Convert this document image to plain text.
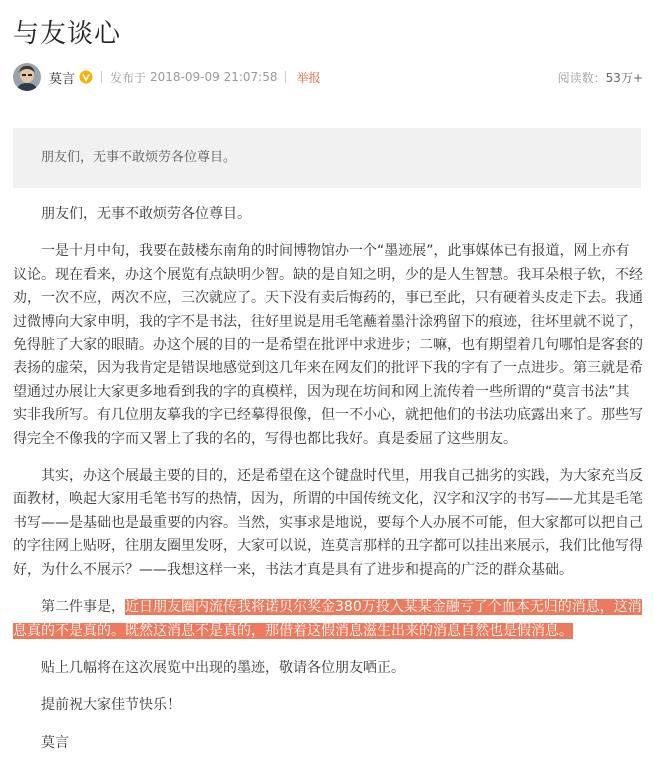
与友谈心
莫言	发布于 2018-09-09 21:07:58 举报	阅读数：53万+
朋友们，无事不敢烦劳各位尊目。

朋友们，无事不敢烦劳各位尊目。

一是十月中旬，我要在鼓楼东南角的时间博物馆办一个“墨迹展”，此事媒体已有报道，网上亦有议论。现在看来，办这个展览有点缺明少智。缺的是自知之明，少的是人生智慧。我耳朵根子软，不经劝，一次不应，两次不应，三次就应了。天下没有卖后悔药的，事已至此，只有硬着头皮走下去。我通过微博向大家申明，我的字不是书法，往好里说是用毛笔蘸着墨汁涂鸦留下的痕迹，往坏里就不说了，免得脏了大家的眼睛。办这个展的目的一是希望在批评中求进步；二嘛，也有期望着几句哪怕是客套的表扬的虚荣，因为我肯定是错误地感觉到这几年来在网友们的批评下我的字有了一点进步。第三就是希望通过办展让大家更多地看到我的字的真模样，因为现在坊间和网上流传着一些所谓的“莫言书法”其实非我所写。有几位朋友摹我的字已经摹得很像，但一不小心，就把他们的书法功底露出来了。那些写得完全不像我的字而又署上了我的名的，写得也都比我好。真是委屈了这些朋友。

其实，办这个展最主要的目的，还是希望在这个键盘时代里，用我自己拙劣的实践，为大家充当反面教材，唤起大家用毛笔书写的热情，因为，所谓的中国传统文化，汉字和汉字的书写——尤其是毛笔书写——是基础也是最重要的内容。当然，实事求是地说，要每个人办展不可能，但大家都可以把自己的字往网上贴呀，往朋友圈里发呀，大家可以说，连莫言那样的丑字都可以挂出来展示，我们比他写得好，为什么不展示？——我想这样一来，书法才真是具有了进步和提高的广泛的群众基础。

第二件事是，近日朋友圈内流传我将诺贝尔奖金380万投入某某金融亏了个血本无归的消息，这消息真的不是真的。既然这消息不是真的，那借着这假消息滋生出来的消息自然也是假消息。

贴上几幅将在这次展览中出现的墨迹，敬请各位朋友哂正。

提前祝大家佳节快乐！

莫言
